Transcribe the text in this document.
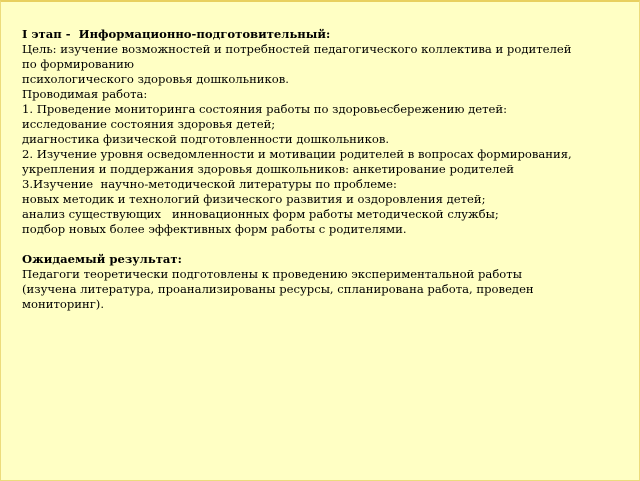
I этап -  Информационно-подготовительный:
Цель: изучение возможностей и потребностей педагогического коллектива и родителей
по формированию
психологического здоровья дошкольников.
Проводимая работа:
1. Проведение мониторинга состояния работы по здоровьесбережению детей:
исследование состояния здоровья детей;
диагностика физической подготовленности дошкольников.
2. Изучение уровня осведомленности и мотивации родителей в вопросах формирования,
укрепления и поддержания здоровья дошкольников: анкетирование родителей
3.Изучение  научно-методической литературы по проблеме:
новых методик и технологий физического развития и оздоровления детей;
анализ существующих   инновационных форм работы методической службы;
подбор новых более эффективных форм работы с родителями.
Ожидаемый результат:
Педагоги теоретически подготовлены к проведению экспериментальной работы
(изучена литература, проанализированы ресурсы, спланирована работа, проведен
мониторинг).
